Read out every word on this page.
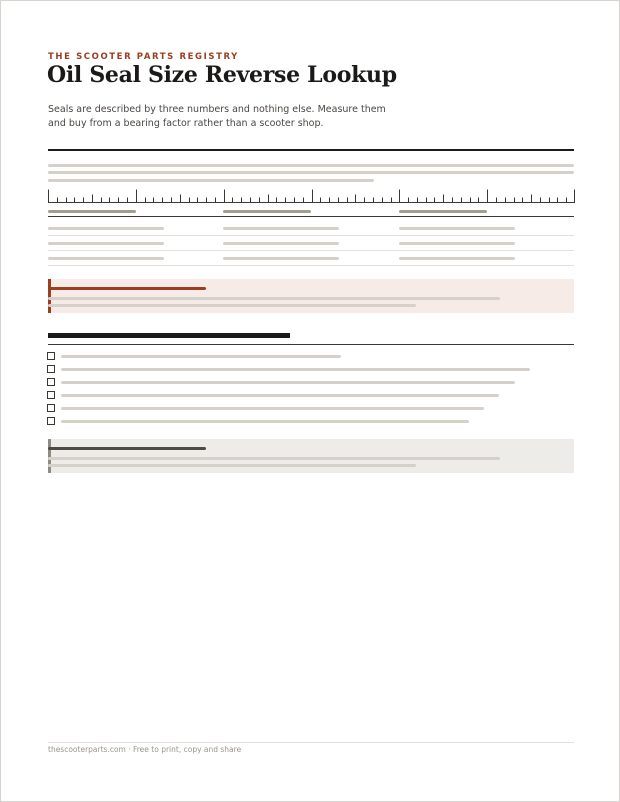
THE SCOOTER PARTS REGISTRY
Oil Seal Size Reverse Lookup

Seals are described by three numbers and nothing else. Measure them and buy from a bearing factor rather than a scooter shop.

thescooterparts.com · Free to print, copy and share
